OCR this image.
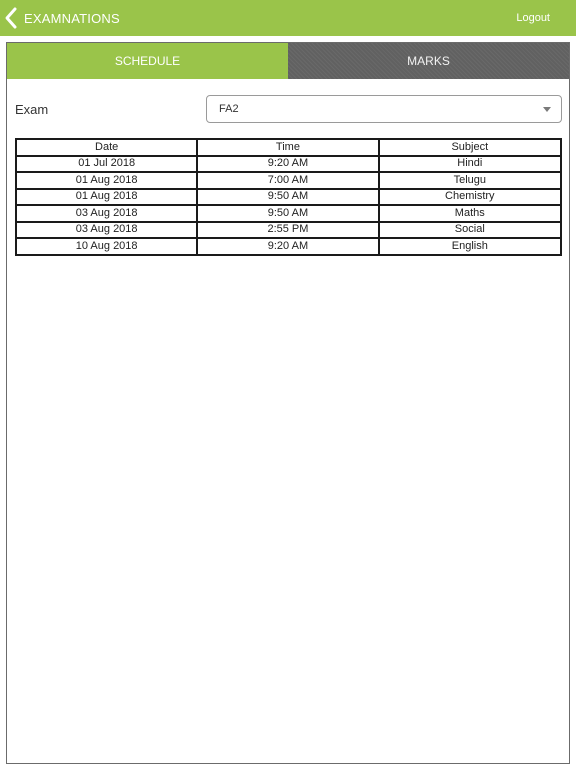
EXAMNATIONS	Logout
SCHEDULE	MARKS
Exam	FA2
Date	Time	Subject
01 Jul 2018	9:20 AM	Hindi
01 Aug 2018	7:00 AM	Telugu
01 Aug 2018	9:50 AM	Chemistry
03 Aug 2018	9:50 AM	Maths
03 Aug 2018	2:55 PM	Social
10 Aug 2018	9:20 AM	English
